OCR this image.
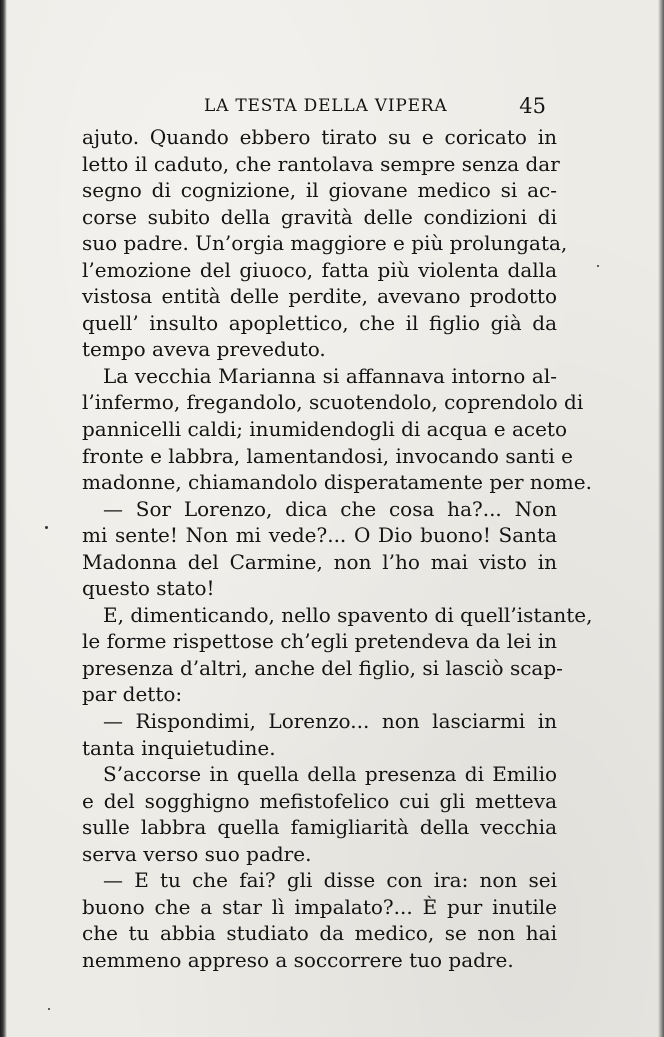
LA TESTA DELLA VIPERA	45
ajuto. Quando ebbero tirato su e coricato in
letto il caduto, che rantolava sempre senza dar
segno di cognizione, il giovane medico si ac-
corse subito della gravità delle condizioni di
suo padre. Un’orgia maggiore e più prolungata,
l’emozione del giuoco, fatta più violenta dalla
vistosa entità delle perdite, avevano prodotto
quell’ insulto apoplettico, che il figlio già da
tempo aveva preveduto.
La vecchia Marianna si affannava intorno al-
l’infermo, fregandolo, scuotendolo, coprendolo di
pannicelli caldi; inumidendogli di acqua e aceto
fronte e labbra, lamentandosi, invocando santi e
madonne, chiamandolo disperatamente per nome.
— Sor Lorenzo, dica che cosa ha?... Non
mi sente! Non mi vede?... O Dio buono! Santa
Madonna del Carmine, non l’ho mai visto in
questo stato!
E, dimenticando, nello spavento di quell’istante,
le forme rispettose ch’egli pretendeva da lei in
presenza d’altri, anche del figlio, si lasciò scap-
par detto:
— Rispondimi, Lorenzo... non lasciarmi in
tanta inquietudine.
S’accorse in quella della presenza di Emilio
e del sogghigno mefistofelico cui gli metteva
sulle labbra quella famigliarità della vecchia
serva verso suo padre.
— E tu che fai? gli disse con ira: non sei
buono che a star lì impalato?... È pur inutile
che tu abbia studiato da medico, se non hai
nemmeno appreso a soccorrere tuo padre.
